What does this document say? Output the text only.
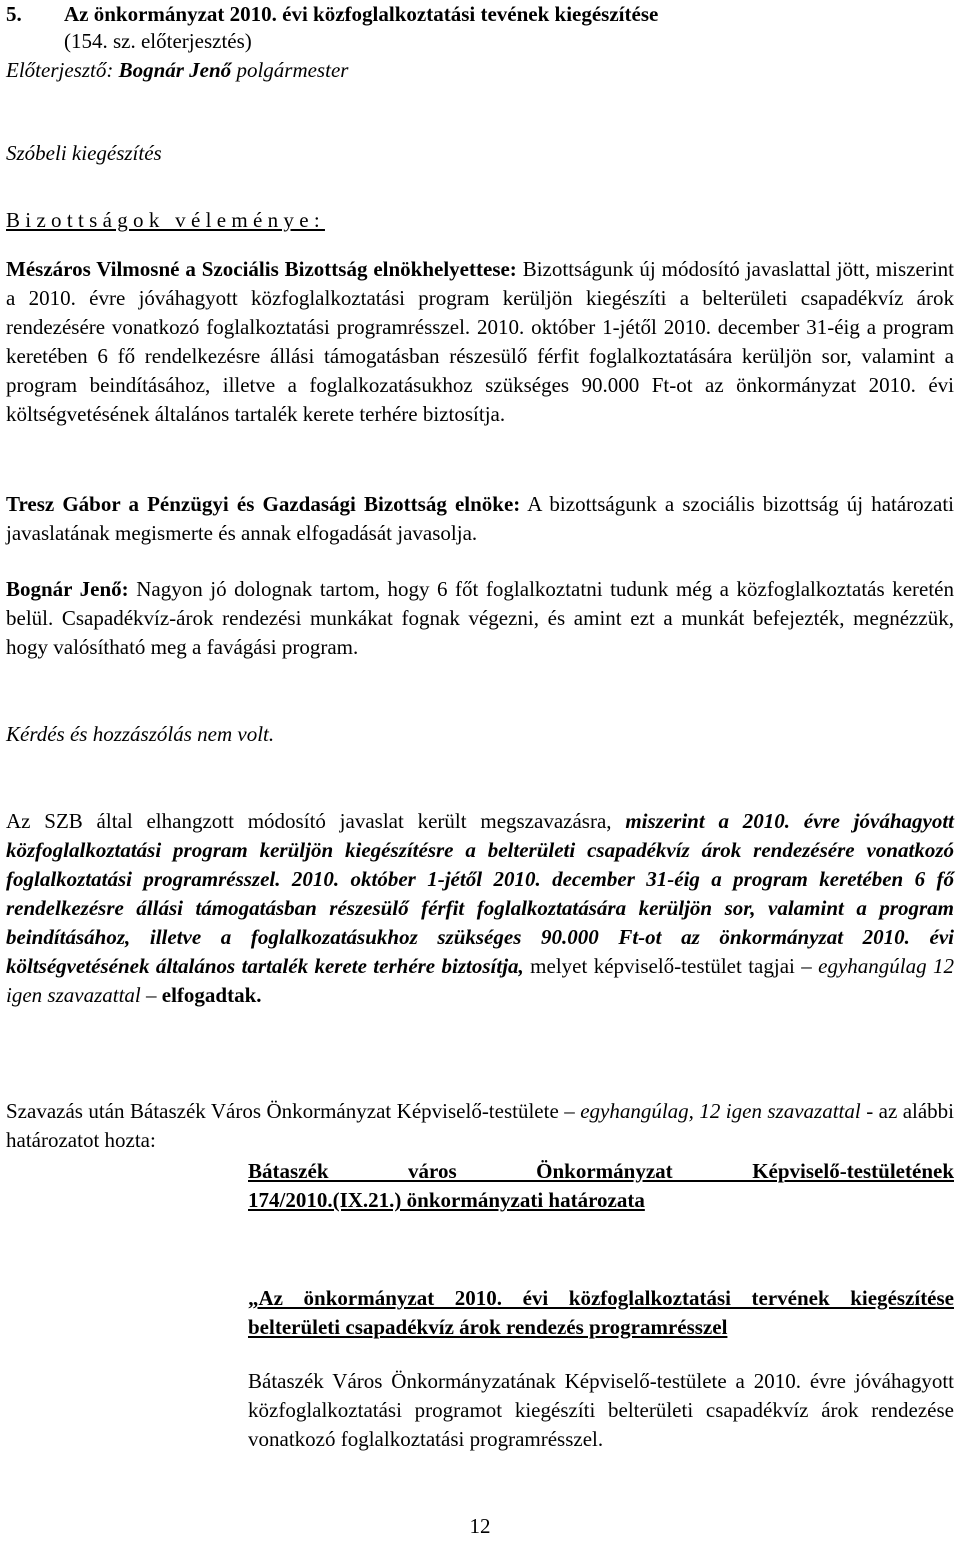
5. Az önkormányzat 2010. évi közfoglalkoztatási tevének kiegészítése
(154. sz. előterjesztés)
Előterjesztő: Bognár Jenő polgármester
Szóbeli kiegészítés
Bizottságok véleménye:

Mészáros Vilmosné a Szociális Bizottság elnökhelyettese: Bizottságunk új módosító javaslattal jött, miszerint a 2010. évre jóváhagyott közfoglalkoztatási program kerüljön kiegészíti a belterületi csapadékvíz árok rendezésére vonatkozó foglalkoztatási programrésszel. 2010. október 1-jétől 2010. december 31-éig a program keretében 6 fő rendelkezésre állási támogatásban részesülő férfit foglalkoztatására kerüljön sor, valamint a program beindításához, illetve a foglalkozatásukhoz szükséges 90.000 Ft-ot az önkormányzat 2010. évi költségvetésének általános tartalék kerete terhére biztosítja.

Tresz Gábor a Pénzügyi és Gazdasági Bizottság elnöke: A bizottságunk a szociális bizottság új határozati javaslatának megismerte és annak elfogadását javasolja.

Bognár Jenő: Nagyon jó dolognak tartom, hogy 6 főt foglalkoztatni tudunk még a közfoglalkoztatás keretén belül. Csapadékvíz-árok rendezési munkákat fognak végezni, és amint ezt a munkát befejezték, megnézzük, hogy valósítható meg a favágási program.

Kérdés és hozzászólás nem volt.

Az SZB által elhangzott módosító javaslat került megszavazásra, miszerint a 2010. évre jóváhagyott közfoglalkoztatási program kerüljön kiegészítésre a belterületi csapadékvíz árok rendezésére vonatkozó foglalkoztatási programrésszel. 2010. október 1-jétől 2010. december 31-éig a program keretében 6 fő rendelkezésre állási támogatásban részesülő férfit foglalkoztatására kerüljön sor, valamint a program beindításához, illetve a foglalkozatásukhoz szükséges 90.000 Ft-ot az önkormányzat 2010. évi költségvetésének általános tartalék kerete terhére biztosítja, melyet képviselő-testület tagjai – egyhangúlag 12 igen szavazattal – elfogadtak.

Szavazás után Bátaszék Város Önkormányzat Képviselő-testülete – egyhangúlag, 12 igen szavazattal - az alábbi határozatot hozta:

Bátaszék város Önkormányzat Képviselő-testületének
174/2010.(IX.21.) önkormányzati határozata

„Az önkormányzat 2010. évi közfoglalkoztatási tervének kiegészítése belterületi csapadékvíz árok rendezés programrésszel

Bátaszék Város Önkormányzatának Képviselő-testülete a 2010. évre jóváhagyott közfoglalkoztatási programot kiegészíti belterületi csapadékvíz árok rendezése vonatkozó foglalkoztatási programrésszel.

12
